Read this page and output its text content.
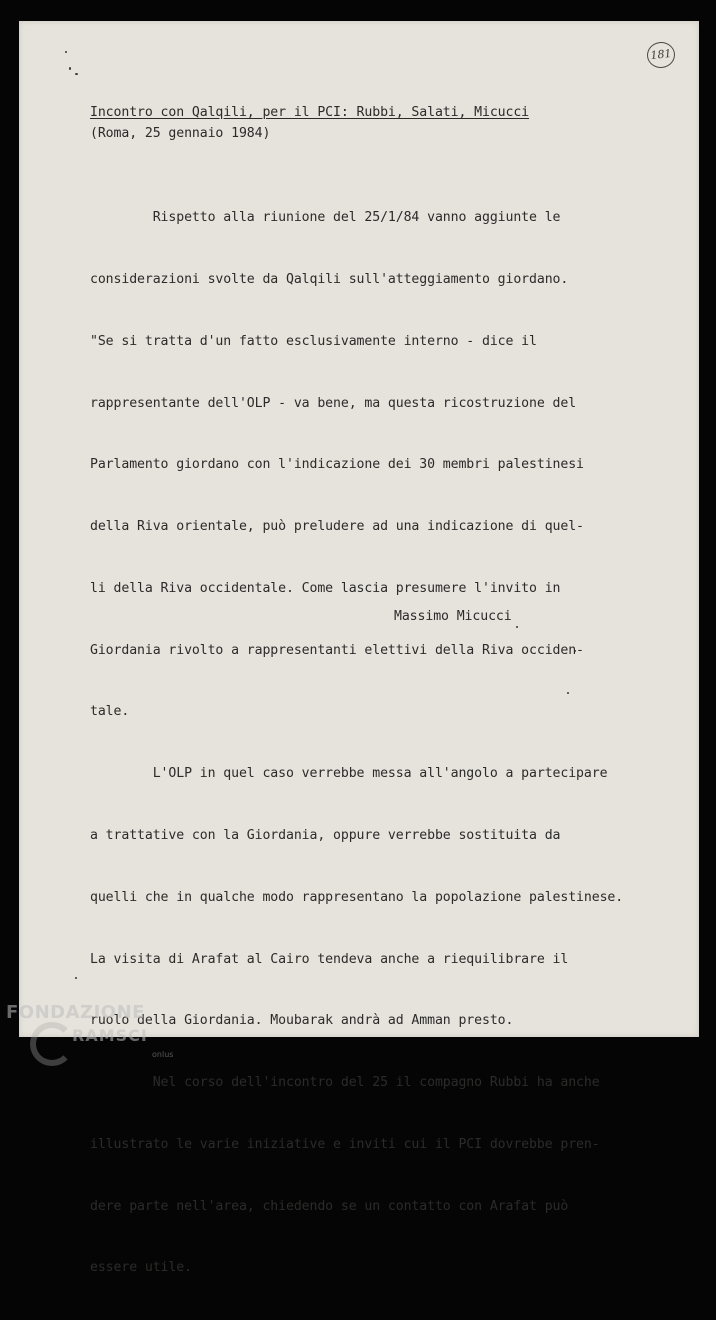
181

Incontro con Qalqili, per il PCI: Rubbi, Salati, Micucci

(Roma, 25 gennaio 1984)

Rispetto alla riunione del 25/1/84 vanno aggiunte le

considerazioni svolte da Qalqili sull'atteggiamento giordano.

"Se si tratta d'un fatto esclusivamente interno - dice il

rappresentante dell'OLP - va bene, ma questa ricostruzione del

Parlamento giordano con l'indicazione dei 30 membri palestinesi

della Riva orientale, può preludere ad una indicazione di quel-

li della Riva occidentale. Come lascia presumere l'invito in

Giordania rivolto a rappresentanti elettivi della Riva occiden-

tale.

L'OLP in quel caso verrebbe messa all'angolo a partecipare

a trattative con la Giordania, oppure verrebbe sostituita da

quelli che in qualche modo rappresentano la popolazione palestinese.

La visita di Arafat al Cairo tendeva anche a riequilibrare il

ruolo della Giordania. Moubarak andrà ad Amman presto.

Nel corso dell'incontro del 25 il compagno Rubbi ha anche

illustrato le varie iniziative e inviti cui il PCI dovrebbe pren-

dere parte nell'area, chiedendo se un contatto con Arafat può

essere utile.

Massimo Micucci

FONDAZIONE
RAMSCI
onlus
